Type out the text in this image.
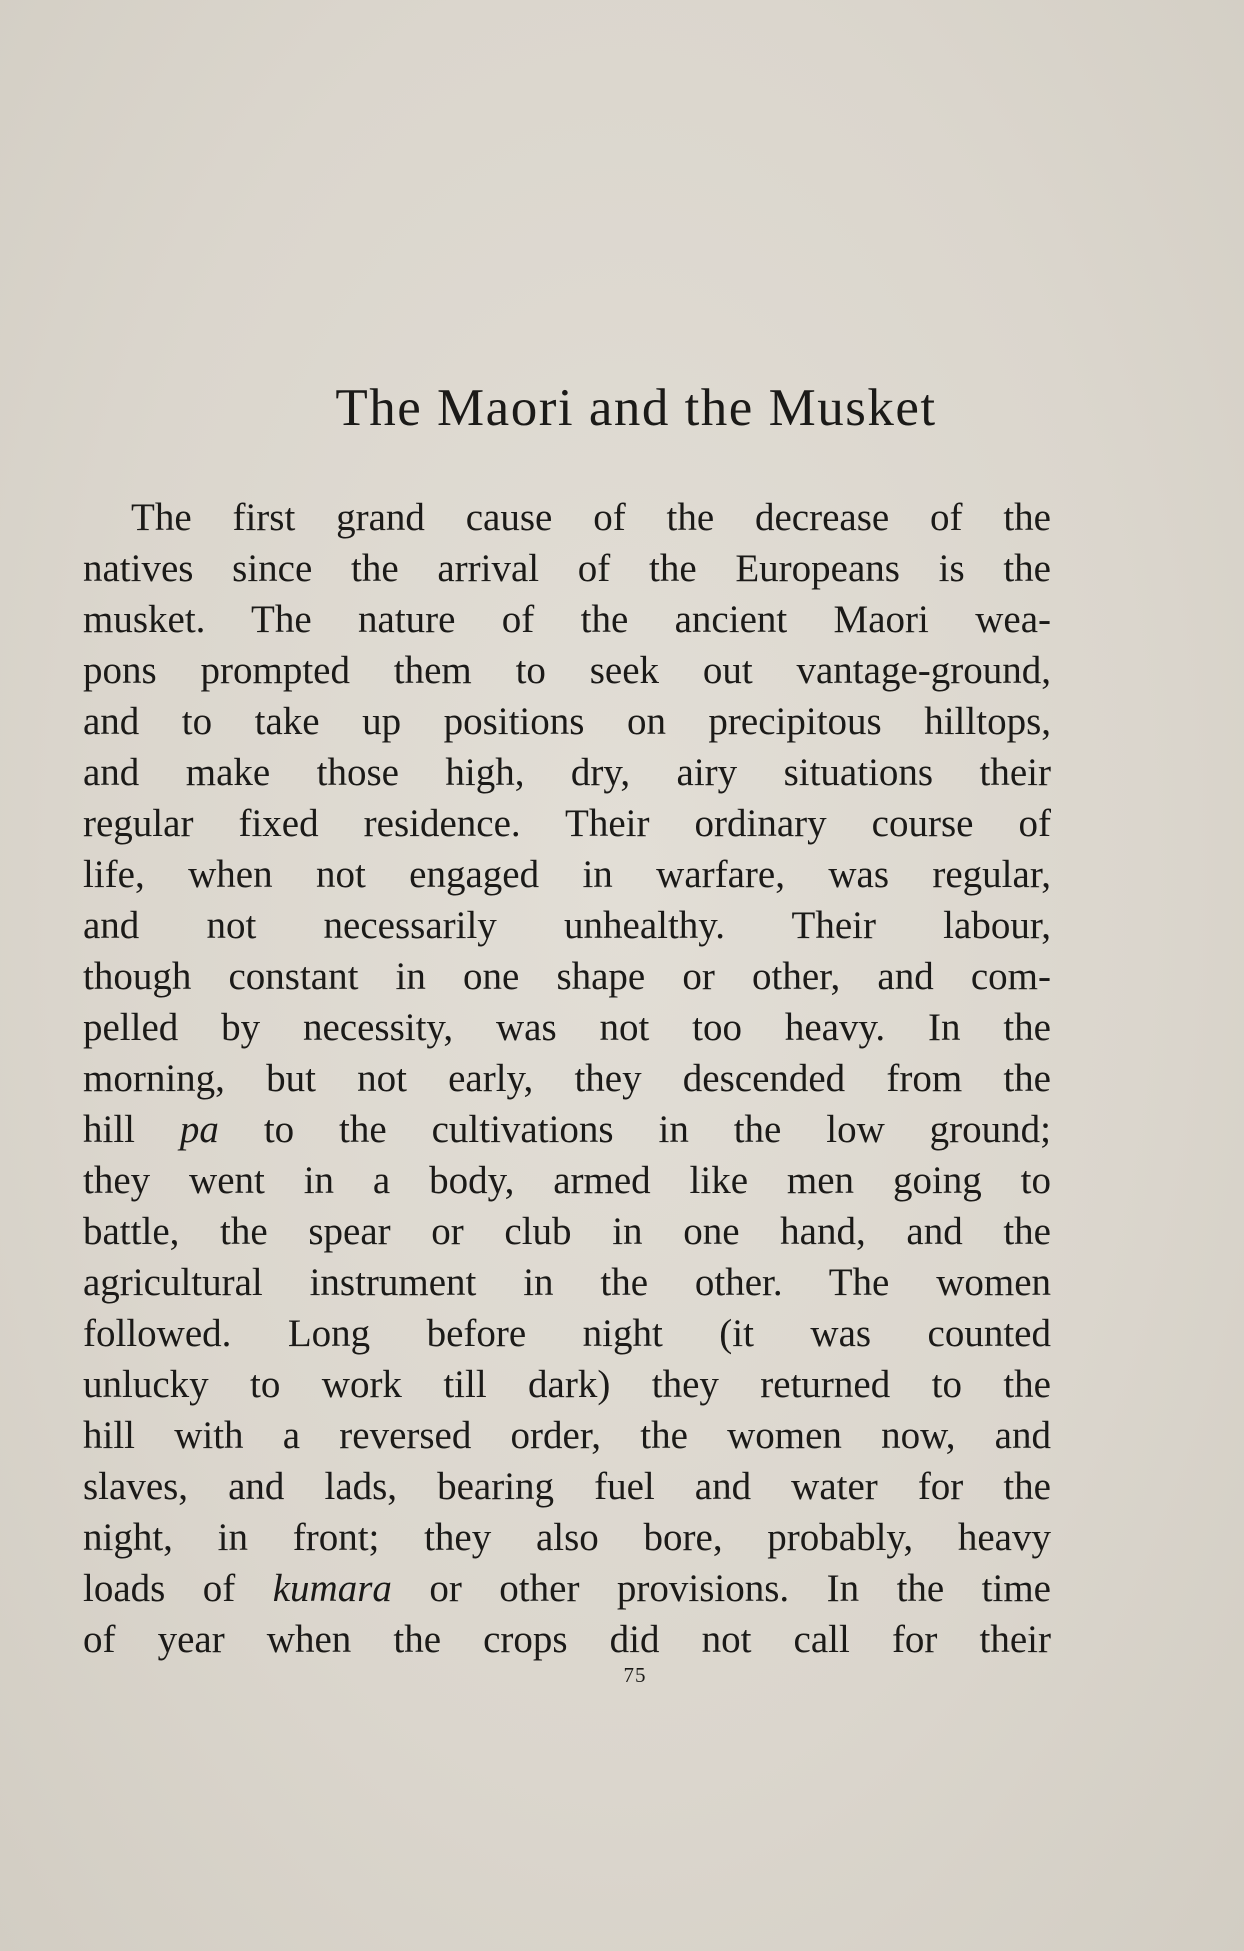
The Maori and the Musket
The first grand cause of the decrease of the
natives since the arrival of the Europeans is the
musket. The nature of the ancient Maori wea-
pons prompted them to seek out vantage-ground,
and to take up positions on precipitous hilltops,
and make those high, dry, airy situations their
regular fixed residence. Their ordinary course of
life, when not engaged in warfare, was regular,
and not necessarily unhealthy. Their labour,
though constant in one shape or other, and com-
pelled by necessity, was not too heavy. In the
morning, but not early, they descended from the
hill pa to the cultivations in the low ground;
they went in a body, armed like men going to
battle, the spear or club in one hand, and the
agricultural instrument in the other. The women
followed. Long before night (it was counted
unlucky to work till dark) they returned to the
hill with a reversed order, the women now, and
slaves, and lads, bearing fuel and water for the
night, in front; they also bore, probably, heavy
loads of kumara or other provisions. In the time
of year when the crops did not call for their
75
